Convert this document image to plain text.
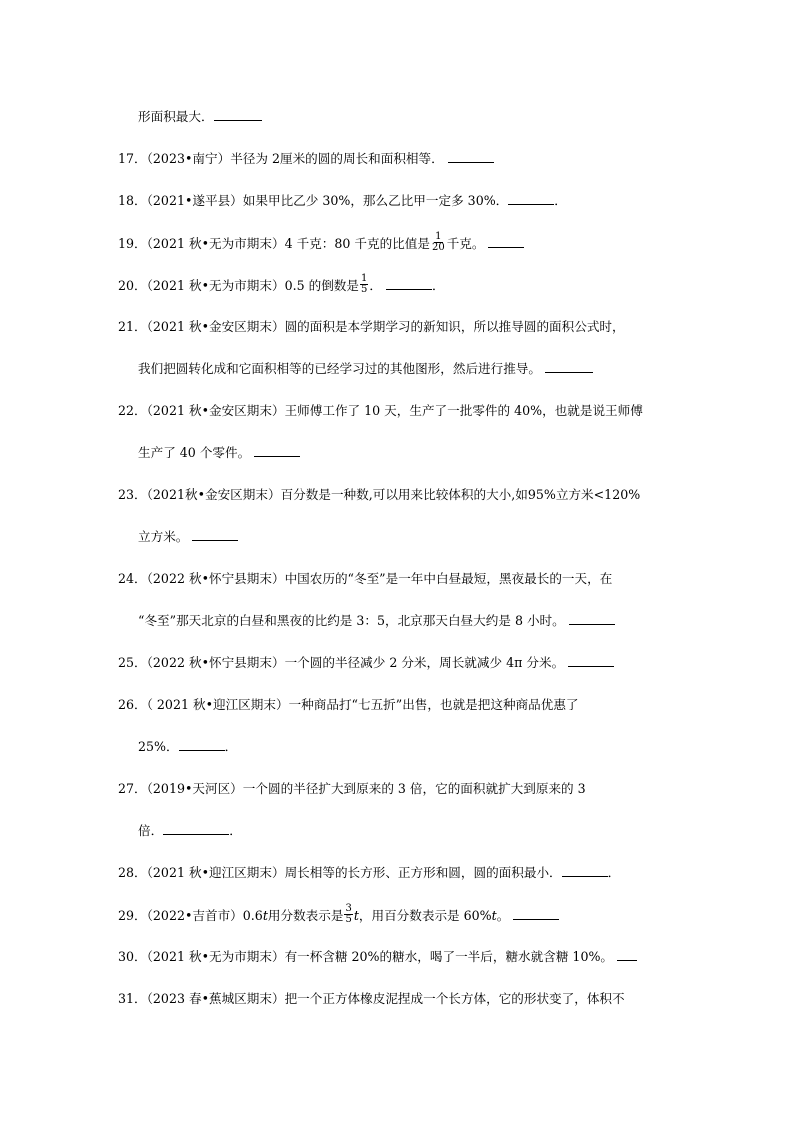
形面积最大．
17．（2023•南宁）半径为 2厘米的圆的周长和面积相等．
18．（2021•遂平县）如果甲比乙少 30%，那么乙比甲一定多 30%．	．
19．（2021 秋•无为市期末）4 千克：80 千克的比值是 $\frac{1}{20}$ 千克。
20．（2021 秋•无为市期末）0.5 的倒数是 $\frac{1}{5}$ ．	．
21．（2021 秋•金安区期末）圆的面积是本学期学习的新知识，所以推导圆的面积公式时，
我们把圆转化成和它面积相等的已经学习过的其他图形，然后进行推导。
22．（2021 秋•金安区期末）王师傅工作了 10 天，生产了一批零件的 40%，也就是说王师傅
生产了 40 个零件。
23．（2021秋•金安区期末）百分数是一种数,可以用来比较体积的大小,如95%立方米<120%
立方米。
24．（2022 秋•怀宁县期末）中国农历的“冬至”是一年中白昼最短，黑夜最长的一天，在
“冬至”那天北京的白昼和黑夜的比约是 3：5，北京那天白昼大约是 8 小时。
25．（2022 秋•怀宁县期末）一个圆的半径减少 2 分米，周长就减少 4π 分米。
26．（ 2021 秋•迎江区期末）一种商品打“七五折”出售，也就是把这种商品优惠了
25%．	．
27．（2019•天河区）一个圆的半径扩大到原来的 3 倍，它的面积就扩大到原来的 3
倍．	．
28．（2021 秋•迎江区期末）周长相等的长方形、正方形和圆，圆的面积最小．	．
29．（2022•吉首市）0.6t用分数表示是 $\frac{3}{5}$ t，用百分数表示是 60%t。
30．（2021 秋•无为市期末）有一杯含糖 20%的糖水，喝了一半后，糖水就含糖 10%。
31．（2023 春•蕉城区期末）把一个正方体橡皮泥捏成一个长方体，它的形状变了，体积不
